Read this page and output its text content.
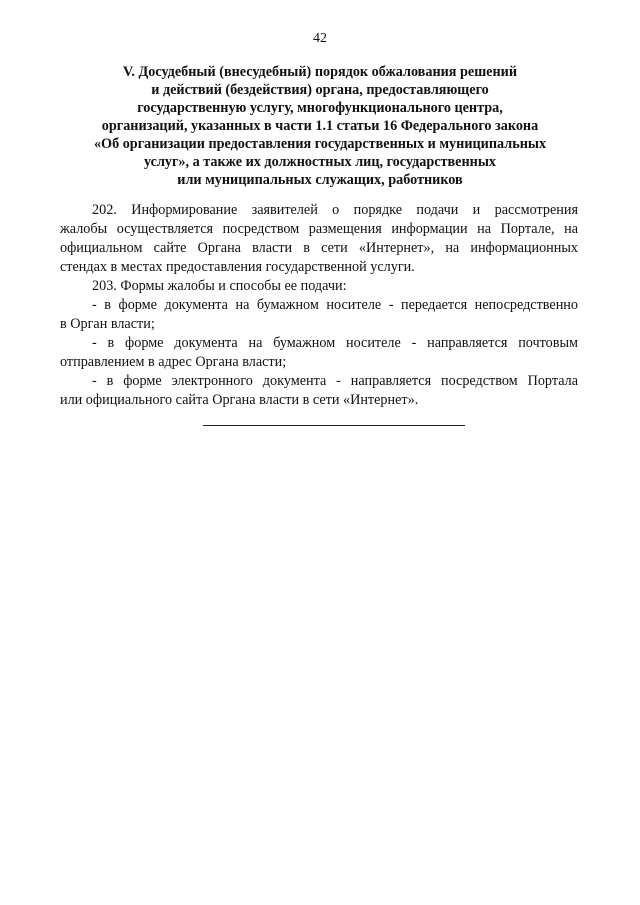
42
V. Досудебный (внесудебный) порядок обжалования решений
и действий (бездействия) органа, предоставляющего
государственную услугу, многофункционального центра,
организаций, указанных в части 1.1 статьи 16 Федерального закона
«Об организации предоставления государственных и муниципальных
услуг», а также их должностных лиц, государственных
или муниципальных служащих, работников

202. Информирование заявителей о порядке подачи и рассмотрения
жалобы осуществляется посредством размещения информации на Портале, на
официальном сайте Органа власти в сети «Интернет», на информационных
стендах в местах предоставления государственной услуги.

203. Формы жалобы и способы ее подачи:

- в форме документа на бумажном носителе - передается непосредственно
в Орган власти;

- в форме документа на бумажном носителе - направляется почтовым
отправлением в адрес Органа власти;

- в форме электронного документа - направляется посредством Портала
или официального сайта Органа власти в сети «Интернет».
